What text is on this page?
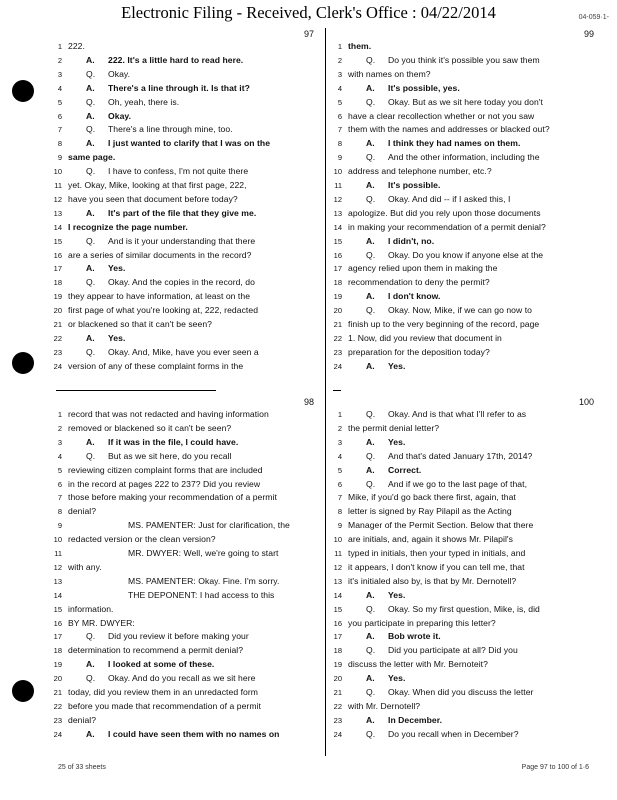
Electronic Filing - Received, Clerk's Office : 04/22/2014	04-059·1-
97
1 222.
2	A. 222. It's a little hard to read here.
3	Q. Okay.
4	A. There's a line through it. Is that it?
5	Q. Oh, yeah, there is.
6	A. Okay.
7	Q. There's a line through mine, too.
8	A. I just wanted to clarify that I was on the
9 same page.
10	Q. I have to confess, I'm not quite there
11 yet. Okay, Mike, looking at that first page, 222,
12 have you seen that document before today?
13	A. It's part of the file that they give me.
14 I recognize the page number.
15	Q. And is it your understanding that there
16 are a series of similar documents in the record?
17	A. Yes.
18	Q. Okay. And the copies in the record, do
19 they appear to have information, at least on the
20 first page of what you're looking at, 222, redacted
21 or blackened so that it can't be seen?
22	A. Yes.
23	Q. Okay. And, Mike, have you ever seen a
24 version of any of these complaint forms in the
99
1 them.
2	Q. Do you think it's possible you saw them
3 with names on them?
4	A. It's possible, yes.
5	Q. Okay. But as we sit here today you don't
6 have a clear recollection whether or not you saw
7 them with the names and addresses or blacked out?
8	A. I think they had names on them.
9	Q. And the other information, including the
10 address and telephone number, etc.?
11	A. It's possible.
12	Q. Okay. And did -- if I asked this, I
13 apologize. But did you rely upon those documents
14 in making your recommendation of a permit denial?
15	A. I didn't, no.
16	Q. Okay. Do you know if anyone else at the
17 agency relied upon them in making the
18 recommendation to deny the permit?
19	A. I don't know.
20	Q. Okay. Now, Mike, if we can go now to
21 finish up to the very beginning of the record, page
22 1. Now, did you review that document in
23 preparation for the deposition today?
24	A. Yes.
98
1 record that was not redacted and having information
2 removed or blackened so it can't be seen?
3	A. If it was in the file, I could have.
4	Q. But as we sit here, do you recall
5 reviewing citizen complaint forms that are included
6 in the record at pages 222 to 237? Did you review
7 those before making your recommendation of a permit
8 denial?
9	MS. PAMENTER: Just for clarification, the
10 redacted version or the clean version?
11	MR. DWYER: Well, we're going to start
12 with any.
13	MS. PAMENTER: Okay. Fine. I'm sorry.
14	THE DEPONENT: I had access to this
15 information.
16 BY MR. DWYER:
17	Q. Did you review it before making your
18 determination to recommend a permit denial?
19	A. I looked at some of these.
20	Q. Okay. And do you recall as we sit here
21 today, did you review them in an unredacted form
22 before you made that recommendation of a permit
23 denial?
24	A. I could have seen them with no names on
100
1	Q. Okay. And is that what I'll refer to as
2 the permit denial letter?
3	A. Yes.
4	Q. And that's dated January 17th, 2014?
5	A. Correct.
6	Q. And if we go to the last page of that,
7 Mike, if you'd go back there first, again, that
8 letter is signed by Ray Pilapil as the Acting
9 Manager of the Permit Section. Below that there
10 are initials, and, again it shows Mr. Pilapil's
11 typed in initials, then your typed in initials, and
12 it appears, I don't know if you can tell me, that
13 it's initialed also by, is that by Mr. Dernotell?
14	A. Yes.
15	Q. Okay. So my first question, Mike, is, did
16 you participate in preparing this letter?
17	A. Bob wrote it.
18	Q. Did you participate at all? Did you
19 discuss the letter with Mr. Bernoteit?
20	A. Yes.
21	Q. Okay. When did you discuss the letter
22 with Mr. Dernotell?
23	A. In December.
24	Q. Do you recall when in December?
25 of 33 sheets	Page 97 to 100 of 1·6
